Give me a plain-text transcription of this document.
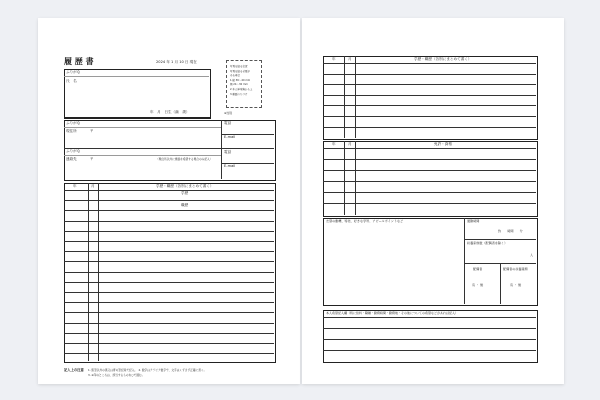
履 歴 書	2024 年 1 月 10 日 現在
写真を貼る位置
写真を貼る必要が
ある場合
1.縦 36～40 mm
横 24～30 mm
2.本人単身胸から上
3.裏面のりづけ
ふりがな
氏　名
年　月　日生（満　歳）	※性別
ふりがな
現住所	〒
電話
E-mail
ふりがな
連絡先	〒	（現住所以外に連絡を希望する場合のみ記入）
電話
E-mail
年	月	学歴・職歴（各別にまとめて書く）
学歴
職歴
記入上の注意 1. 鉛筆以外の黒又は青の筆記具で記入。　2. 数字はアラビア数字で、文字はくずさず正確に書く。
3. ※印のところは、該当するものを○で囲む。
年	月	学歴・職歴（各別にまとめて書く）
年	月	免許・資格
志望の動機、特技、好きな学科、アピールポイントなど	通勤時間
約　　時間　　分
扶養家族数（配偶者を除く）
人
配偶者
有 ・ 無
配偶者の扶養義務
有 ・ 無
本人希望記入欄（特に給料・職種・勤務時間・勤務地・その他についての希望などがあれば記入）
